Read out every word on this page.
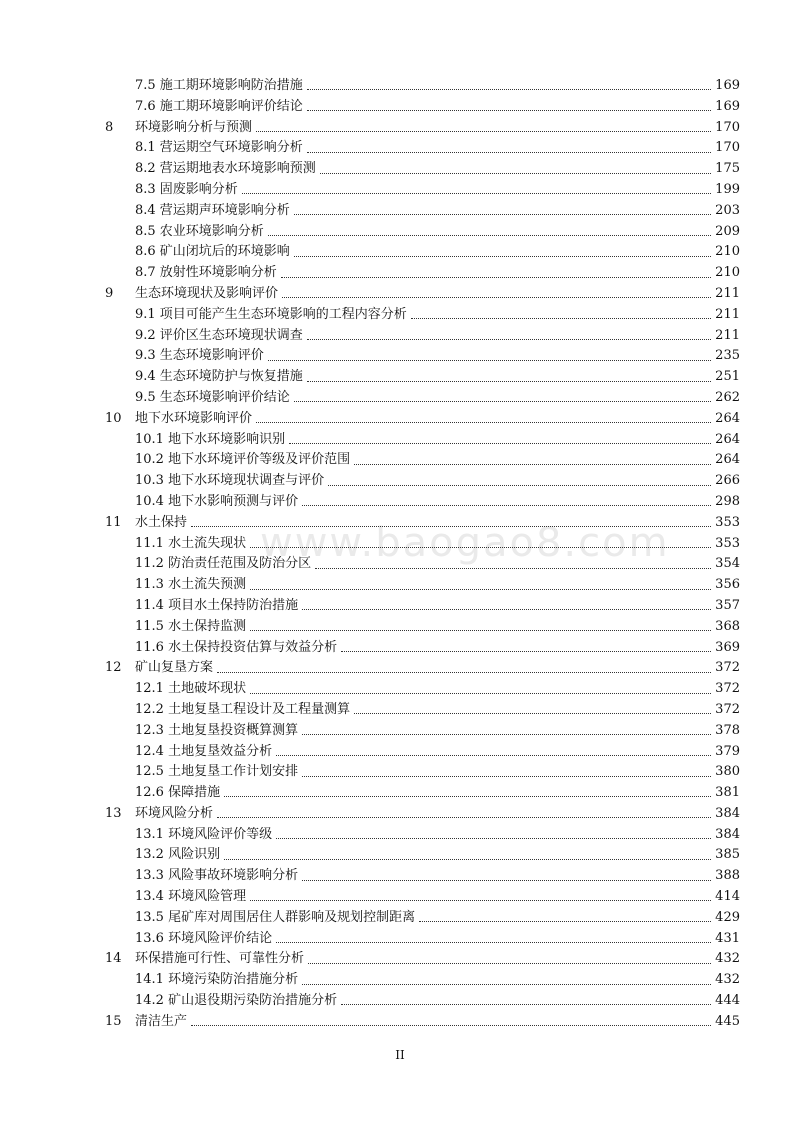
www.baogao8.com
7.5 施工期环境影响防治措施	169
7.6 施工期环境影响评价结论	169
8	环境影响分析与预测	170
8.1 营运期空气环境影响分析	170
8.2 营运期地表水环境影响预测	175
8.3 固废影响分析	199
8.4 营运期声环境影响分析	203
8.5 农业环境影响分析	209
8.6 矿山闭坑后的环境影响	210
8.7 放射性环境影响分析	210
9	生态环境现状及影响评价	211
9.1 项目可能产生生态环境影响的工程内容分析	211
9.2 评价区生态环境现状调查	211
9.3 生态环境影响评价	235
9.4 生态环境防护与恢复措施	251
9.5 生态环境影响评价结论	262
10	地下水环境影响评价	264
10.1 地下水环境影响识别	264
10.2 地下水环境评价等级及评价范围	264
10.3 地下水环境现状调查与评价	266
10.4 地下水影响预测与评价	298
11	水土保持	353
11.1 水土流失现状	353
11.2 防治责任范围及防治分区	354
11.3 水土流失预测	356
11.4 项目水土保持防治措施	357
11.5 水土保持监测	368
11.6 水土保持投资估算与效益分析	369
12	矿山复垦方案	372
12.1 土地破坏现状	372
12.2 土地复垦工程设计及工程量测算	372
12.3 土地复垦投资概算测算	378
12.4 土地复垦效益分析	379
12.5 土地复垦工作计划安排	380
12.6 保障措施	381
13	环境风险分析	384
13.1 环境风险评价等级	384
13.2 风险识别	385
13.3 风险事故环境影响分析	388
13.4 环境风险管理	414
13.5 尾矿库对周围居住人群影响及规划控制距离	429
13.6 环境风险评价结论	431
14	环保措施可行性、可靠性分析	432
14.1 环境污染防治措施分析	432
14.2 矿山退役期污染防治措施分析	444
15	清洁生产	445
II
